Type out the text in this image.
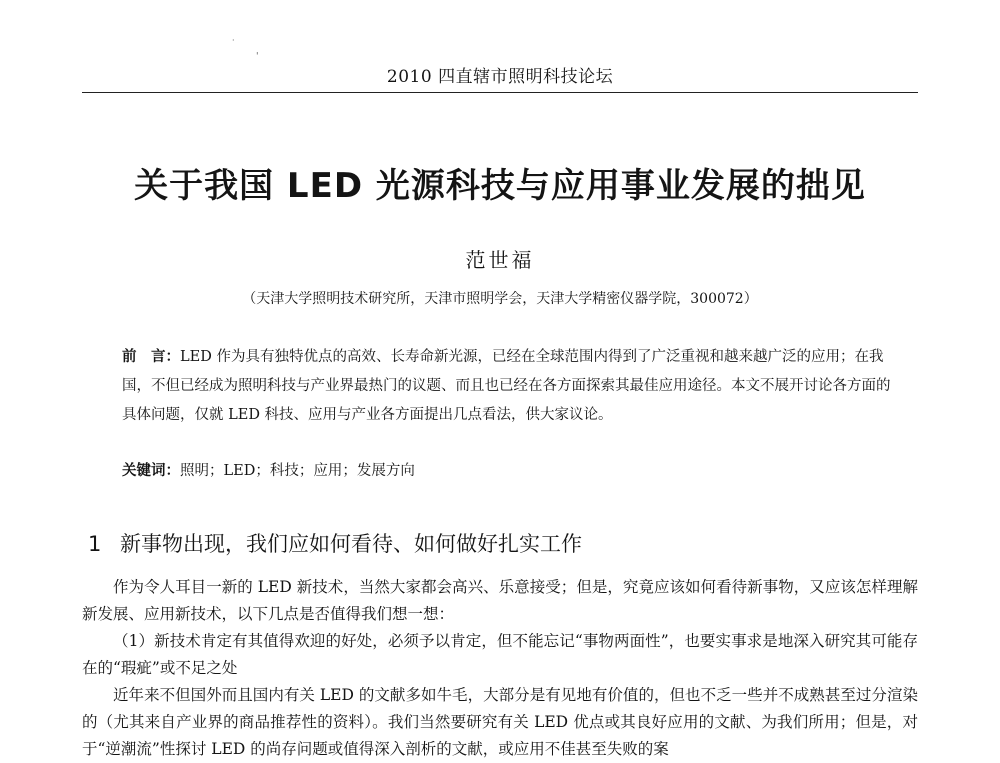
·
'
2010 四直辖市照明科技论坛
关于我国 LED 光源科技与应用事业发展的拙见
范世福
（天津大学照明技术研究所，天津市照明学会，天津大学精密仪器学院，300072）
前　言：LED 作为具有独特优点的高效、长寿命新光源，已经在全球范围内得到了广泛重视和越来越广泛的应用；在我国，不但已经成为照明科技与产业界最热门的议题、而且也已经在各方面探索其最佳应用途径。本文不展开讨论各方面的具体问题，仅就 LED 科技、应用与产业各方面提出几点看法，供大家议论。
关键词：照明；LED；科技；应用；发展方向
1 新事物出现，我们应如何看待、如何做好扎实工作

作为令人耳目一新的 LED 新技术，当然大家都会高兴、乐意接受；但是，究竟应该如何看待新事物，又应该怎样理解新发展、应用新技术，以下几点是否值得我们想一想：

（1）新技术肯定有其值得欢迎的好处，必须予以肯定，但不能忘记“事物两面性”，也要实事求是地深入研究其可能存在的“瑕疵”或不足之处

近年来不但国外而且国内有关 LED 的文献多如牛毛，大部分是有见地有价值的，但也不乏一些并不成熟甚至过分渲染的（尤其来自产业界的商品推荐性的资料）。我们当然要研究有关 LED 优点或其良好应用的文献、为我们所用；但是，对于“逆潮流”性探讨 LED 的尚存问题或值得深入剖析的文献，或应用不佳甚至失败的案
